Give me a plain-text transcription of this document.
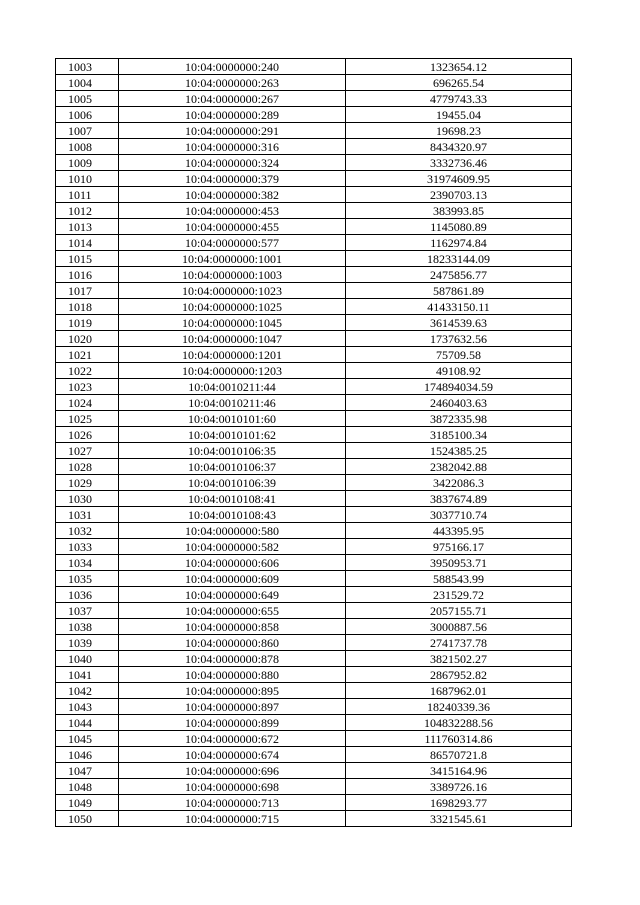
1003	10:04:0000000:240	1323654.12
1004	10:04:0000000:263	696265.54
1005	10:04:0000000:267	4779743.33
1006	10:04:0000000:289	19455.04
1007	10:04:0000000:291	19698.23
1008	10:04:0000000:316	8434320.97
1009	10:04:0000000:324	3332736.46
1010	10:04:0000000:379	31974609.95
1011	10:04:0000000:382	2390703.13
1012	10:04:0000000:453	383993.85
1013	10:04:0000000:455	1145080.89
1014	10:04:0000000:577	1162974.84
1015	10:04:0000000:1001	18233144.09
1016	10:04:0000000:1003	2475856.77
1017	10:04:0000000:1023	587861.89
1018	10:04:0000000:1025	41433150.11
1019	10:04:0000000:1045	3614539.63
1020	10:04:0000000:1047	1737632.56
1021	10:04:0000000:1201	75709.58
1022	10:04:0000000:1203	49108.92
1023	10:04:0010211:44	174894034.59
1024	10:04:0010211:46	2460403.63
1025	10:04:0010101:60	3872335.98
1026	10:04:0010101:62	3185100.34
1027	10:04:0010106:35	1524385.25
1028	10:04:0010106:37	2382042.88
1029	10:04:0010106:39	3422086.3
1030	10:04:0010108:41	3837674.89
1031	10:04:0010108:43	3037710.74
1032	10:04:0000000:580	443395.95
1033	10:04:0000000:582	975166.17
1034	10:04:0000000:606	3950953.71
1035	10:04:0000000:609	588543.99
1036	10:04:0000000:649	231529.72
1037	10:04:0000000:655	2057155.71
1038	10:04:0000000:858	3000887.56
1039	10:04:0000000:860	2741737.78
1040	10:04:0000000:878	3821502.27
1041	10:04:0000000:880	2867952.82
1042	10:04:0000000:895	1687962.01
1043	10:04:0000000:897	18240339.36
1044	10:04:0000000:899	104832288.56
1045	10:04:0000000:672	111760314.86
1046	10:04:0000000:674	86570721.8
1047	10:04:0000000:696	3415164.96
1048	10:04:0000000:698	3389726.16
1049	10:04:0000000:713	1698293.77
1050	10:04:0000000:715	3321545.61
